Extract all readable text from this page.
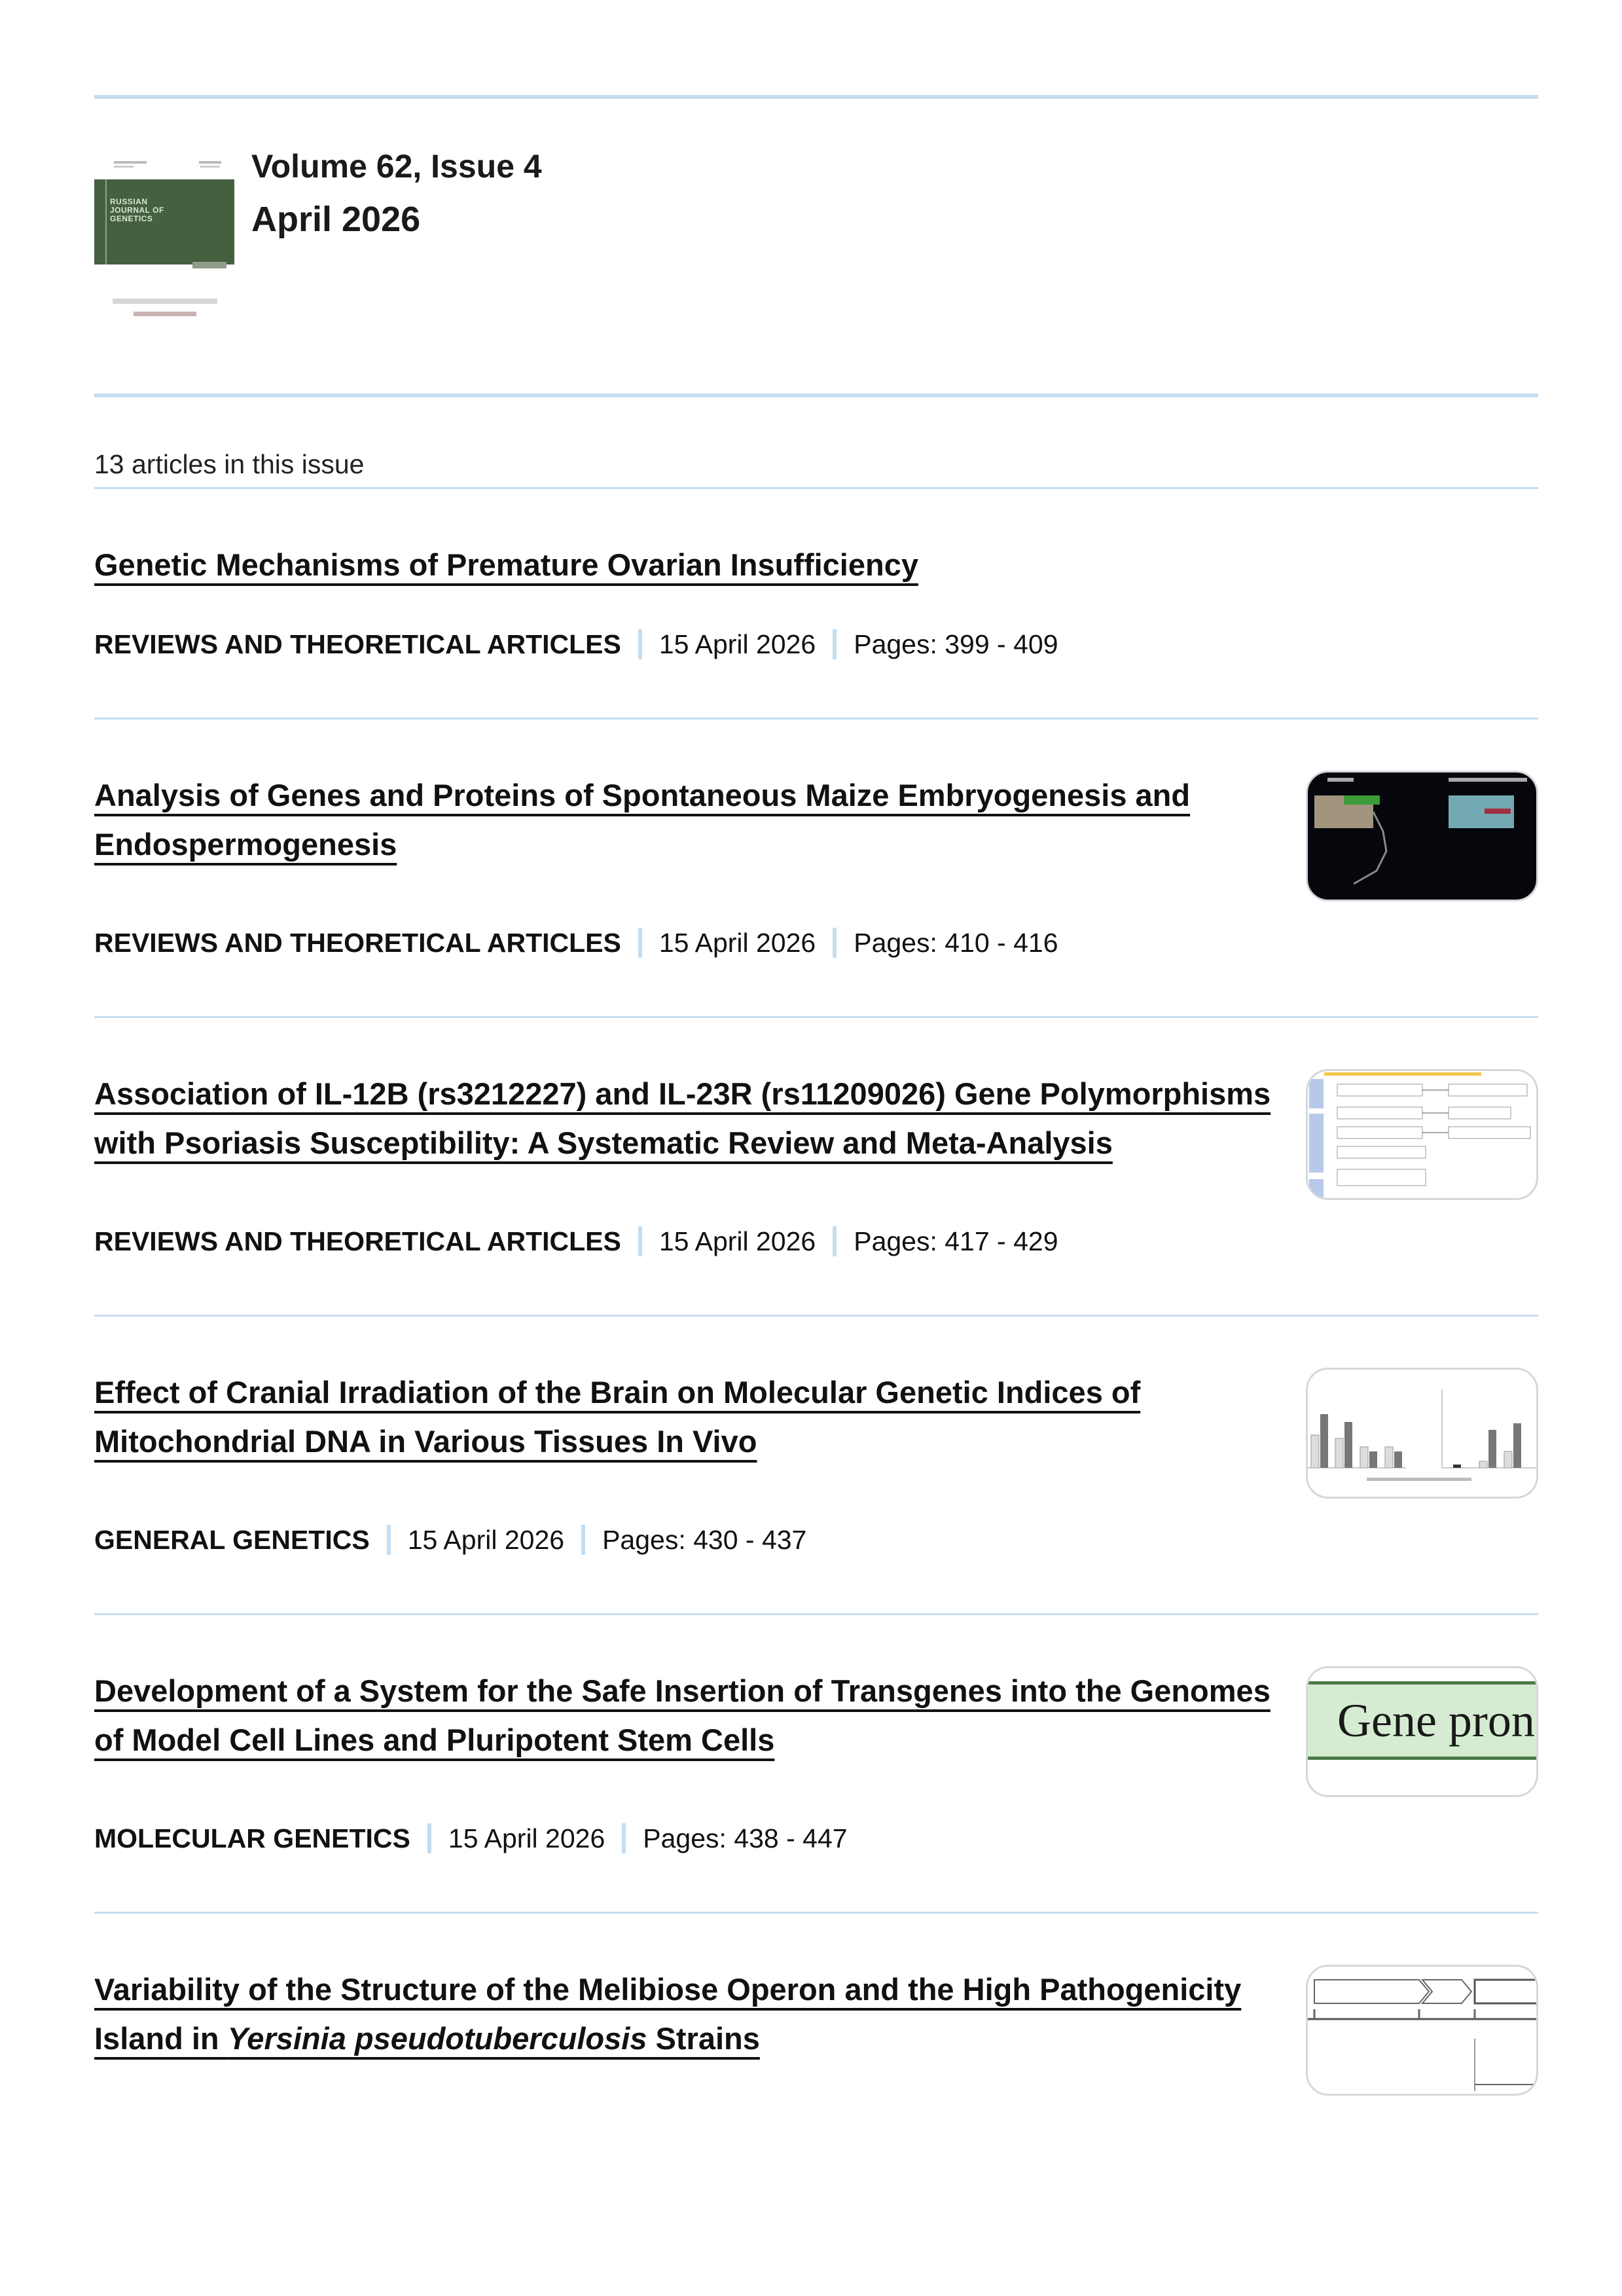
RUSSIAN JOURNAL OF GENETICS
Volume 62, Issue 4
April 2026
13 articles in this issue
Genetic Mechanisms of Premature Ovarian Insufficiency
REVIEWS AND THEORETICAL ARTICLES 15 April 2026 Pages: 399 - 409
Analysis of Genes and Proteins of Spontaneous Maize Embryogenesis and Endospermogenesis
REVIEWS AND THEORETICAL ARTICLES 15 April 2026 Pages: 410 - 416
Association of IL-12B (rs3212227) and IL-23R (rs11209026) Gene Polymorphisms with Psoriasis Susceptibility: A Systematic Review and Meta-Analysis
REVIEWS AND THEORETICAL ARTICLES 15 April 2026 Pages: 417 - 429
Effect of Cranial Irradiation of the Brain on Molecular Genetic Indices of Mitochondrial DNA in Various Tissues In Vivo
GENERAL GENETICS 15 April 2026 Pages: 430 - 437
Development of a System for the Safe Insertion of Transgenes into the Genomes of Model Cell Lines and Pluripotent Stem Cells	Gene pron
MOLECULAR GENETICS 15 April 2026 Pages: 438 - 447
Variability of the Structure of the Melibiose Operon and the High Pathogenicity Island in Yersinia pseudotuberculosis Strains
